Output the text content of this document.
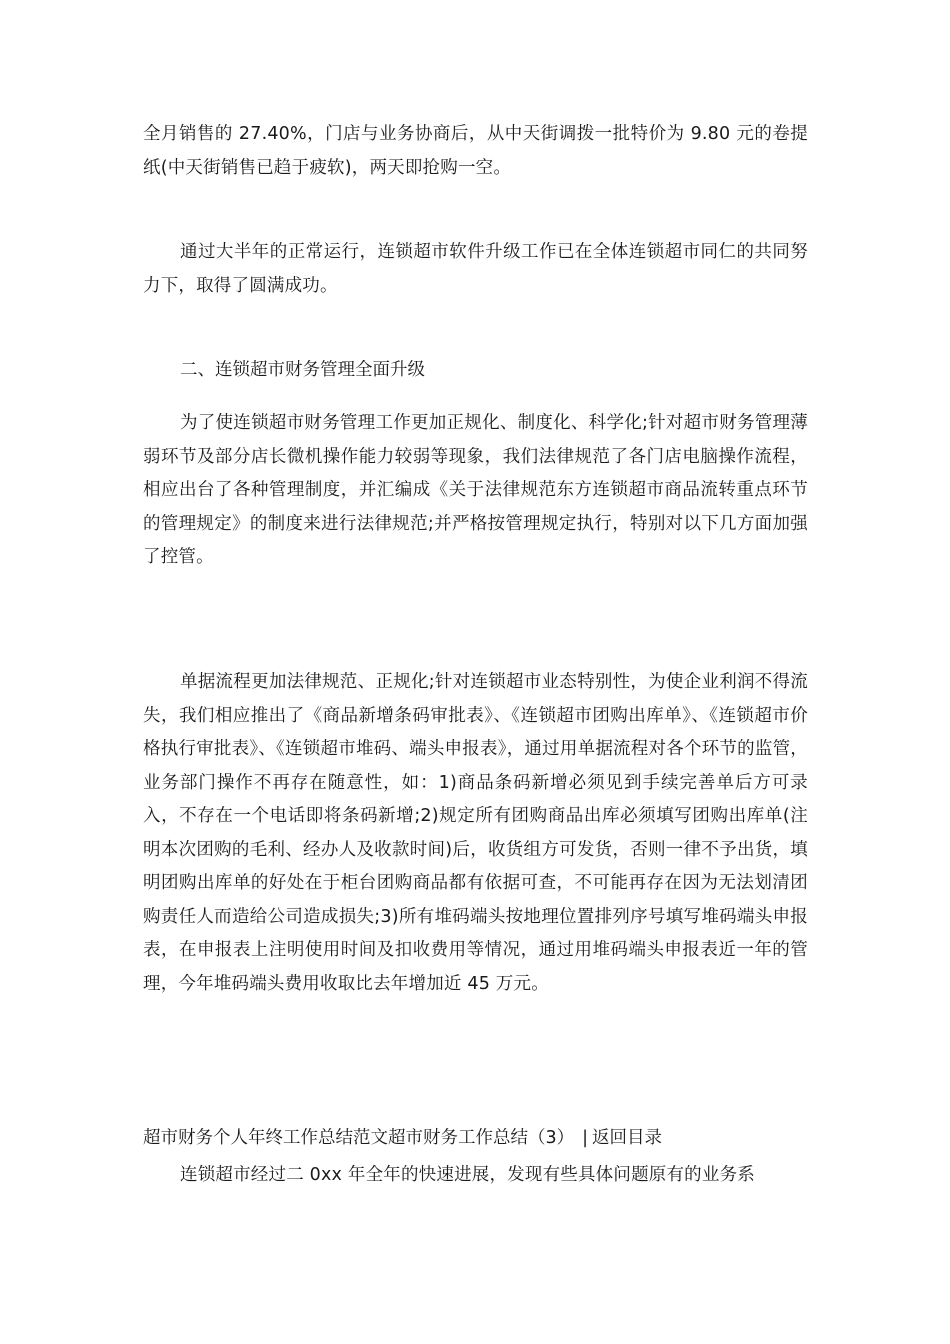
全月销售的 27.40%，门店与业务协商后，从中天街调拨一批特价为 9.80 元的卷提纸(中天街销售已趋于疲软)，两天即抢购一空。

通过大半年的正常运行，连锁超市软件升级工作已在全体连锁超市同仁的共同努力下，取得了圆满成功。

二、连锁超市财务管理全面升级

为了使连锁超市财务管理工作更加正规化、制度化、科学化;针对超市财务管理薄弱环节及部分店长微机操作能力较弱等现象，我们法律规范了各门店电脑操作流程，相应出台了各种管理制度，并汇编成《关于法律规范东方连锁超市商品流转重点环节的管理规定》的制度来进行法律规范;并严格按管理规定执行，特别对以下几方面加强了控管。

单据流程更加法律规范、正规化;针对连锁超市业态特别性，为使企业利润不得流失，我们相应推出了《商品新增条码审批表》、《连锁超市团购出库单》、《连锁超市价格执行审批表》、《连锁超市堆码、端头申报表》，通过用单据流程对各个环节的监管，业务部门操作不再存在随意性，如：1)商品条码新增必须见到手续完善单后方可录入，不存在一个电话即将条码新增;2)规定所有团购商品出库必须填写团购出库单(注明本次团购的毛利、经办人及收款时间)后，收货组方可发货，否则一律不予出货，填明团购出库单的好处在于柜台团购商品都有依据可查，不可能再存在因为无法划清团购责任人而造给公司造成损失;3)所有堆码端头按地理位置排列序号填写堆码端头申报表，在申报表上注明使用时间及扣收费用等情况，通过用堆码端头申报表近一年的管理，今年堆码端头费用收取比去年增加近 45 万元。

超市财务个人年终工作总结范文超市财务工作总结（3） | 返回目录

连锁超市经过二 0xx 年全年的快速进展，发现有些具体问题原有的业务系
